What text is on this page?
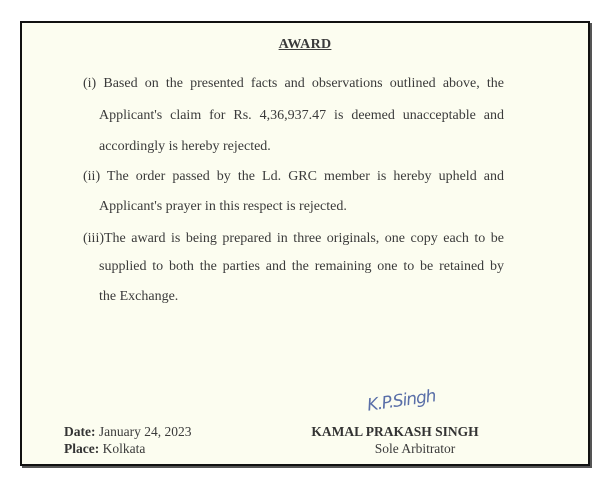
AWARD
(i) Based on the presented facts and observations outlined above, the
Applicant's claim for Rs. 4,36,937.47 is deemed unacceptable and
accordingly is hereby rejected.
(ii) The order passed by the Ld. GRC member is hereby upheld and
Applicant's prayer in this respect is rejected.
(iii)The award is being prepared in three originals, one copy each to be
supplied to both the parties and the remaining one to be retained by
the Exchange.
K.P.Singh
Date: January 24, 2023
Place: Kolkata
KAMAL PRAKASH SINGH
Sole Arbitrator
